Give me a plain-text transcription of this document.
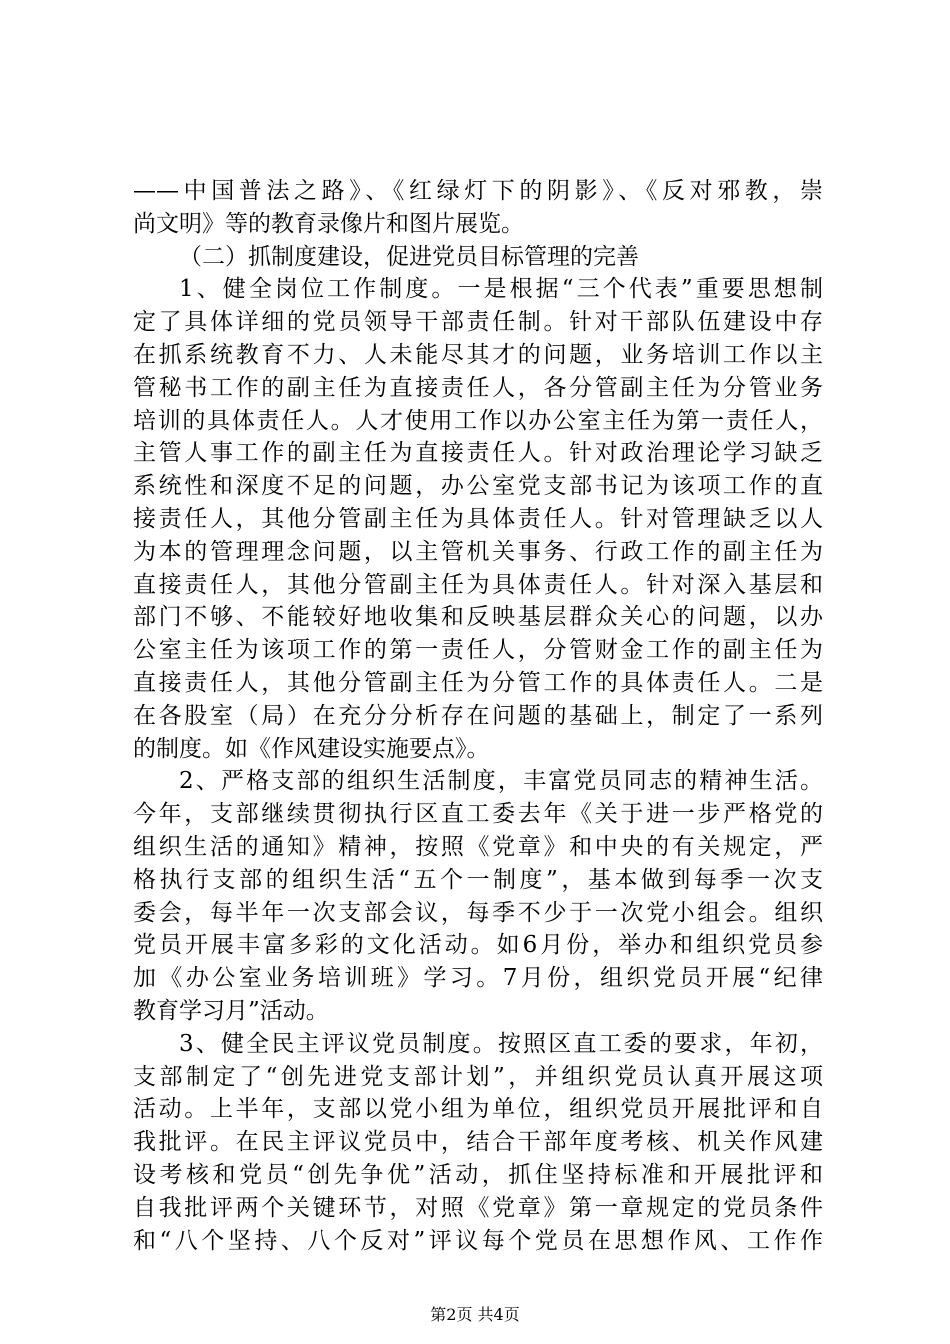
——中国普法之路》、《红绿灯下的阴影》、《反对邪教，崇
尚文明》等的教育录像片和图片展览。
（二）抓制度建设，促进党员目标管理的完善
1、健全岗位工作制度。一是根据“三个代表”重要思想制
定了具体详细的党员领导干部责任制。针对干部队伍建设中存
在抓系统教育不力、人未能尽其才的问题，业务培训工作以主
管秘书工作的副主任为直接责任人，各分管副主任为分管业务
培训的具体责任人。人才使用工作以办公室主任为第一责任人，
主管人事工作的副主任为直接责任人。针对政治理论学习缺乏
系统性和深度不足的问题，办公室党支部书记为该项工作的直
接责任人，其他分管副主任为具体责任人。针对管理缺乏以人
为本的管理理念问题，以主管机关事务、行政工作的副主任为
直接责任人，其他分管副主任为具体责任人。针对深入基层和
部门不够、不能较好地收集和反映基层群众关心的问题，以办
公室主任为该项工作的第一责任人，分管财金工作的副主任为
直接责任人，其他分管副主任为分管工作的具体责任人。二是
在各股室（局）在充分分析存在问题的基础上，制定了一系列
的制度。如《作风建设实施要点》。
2、严格支部的组织生活制度，丰富党员同志的精神生活。
今年，支部继续贯彻执行区直工委去年《关于进一步严格党的
组织生活的通知》精神，按照《党章》和中央的有关规定，严
格执行支部的组织生活“五个一制度”，基本做到每季一次支
委会，每半年一次支部会议，每季不少于一次党小组会。组织
党员开展丰富多彩的文化活动。如6月份，举办和组织党员参
加《办公室业务培训班》学习。7月份，组织党员开展“纪律
教育学习月”活动。
3、健全民主评议党员制度。按照区直工委的要求，年初，
支部制定了“创先进党支部计划”，并组织党员认真开展这项
活动。上半年，支部以党小组为单位，组织党员开展批评和自
我批评。在民主评议党员中，结合干部年度考核、机关作风建
设考核和党员“创先争优”活动，抓住坚持标准和开展批评和
自我批评两个关键环节，对照《党章》第一章规定的党员条件
和“八个坚持、八个反对”评议每个党员在思想作风、工作作
第2页 共4页
